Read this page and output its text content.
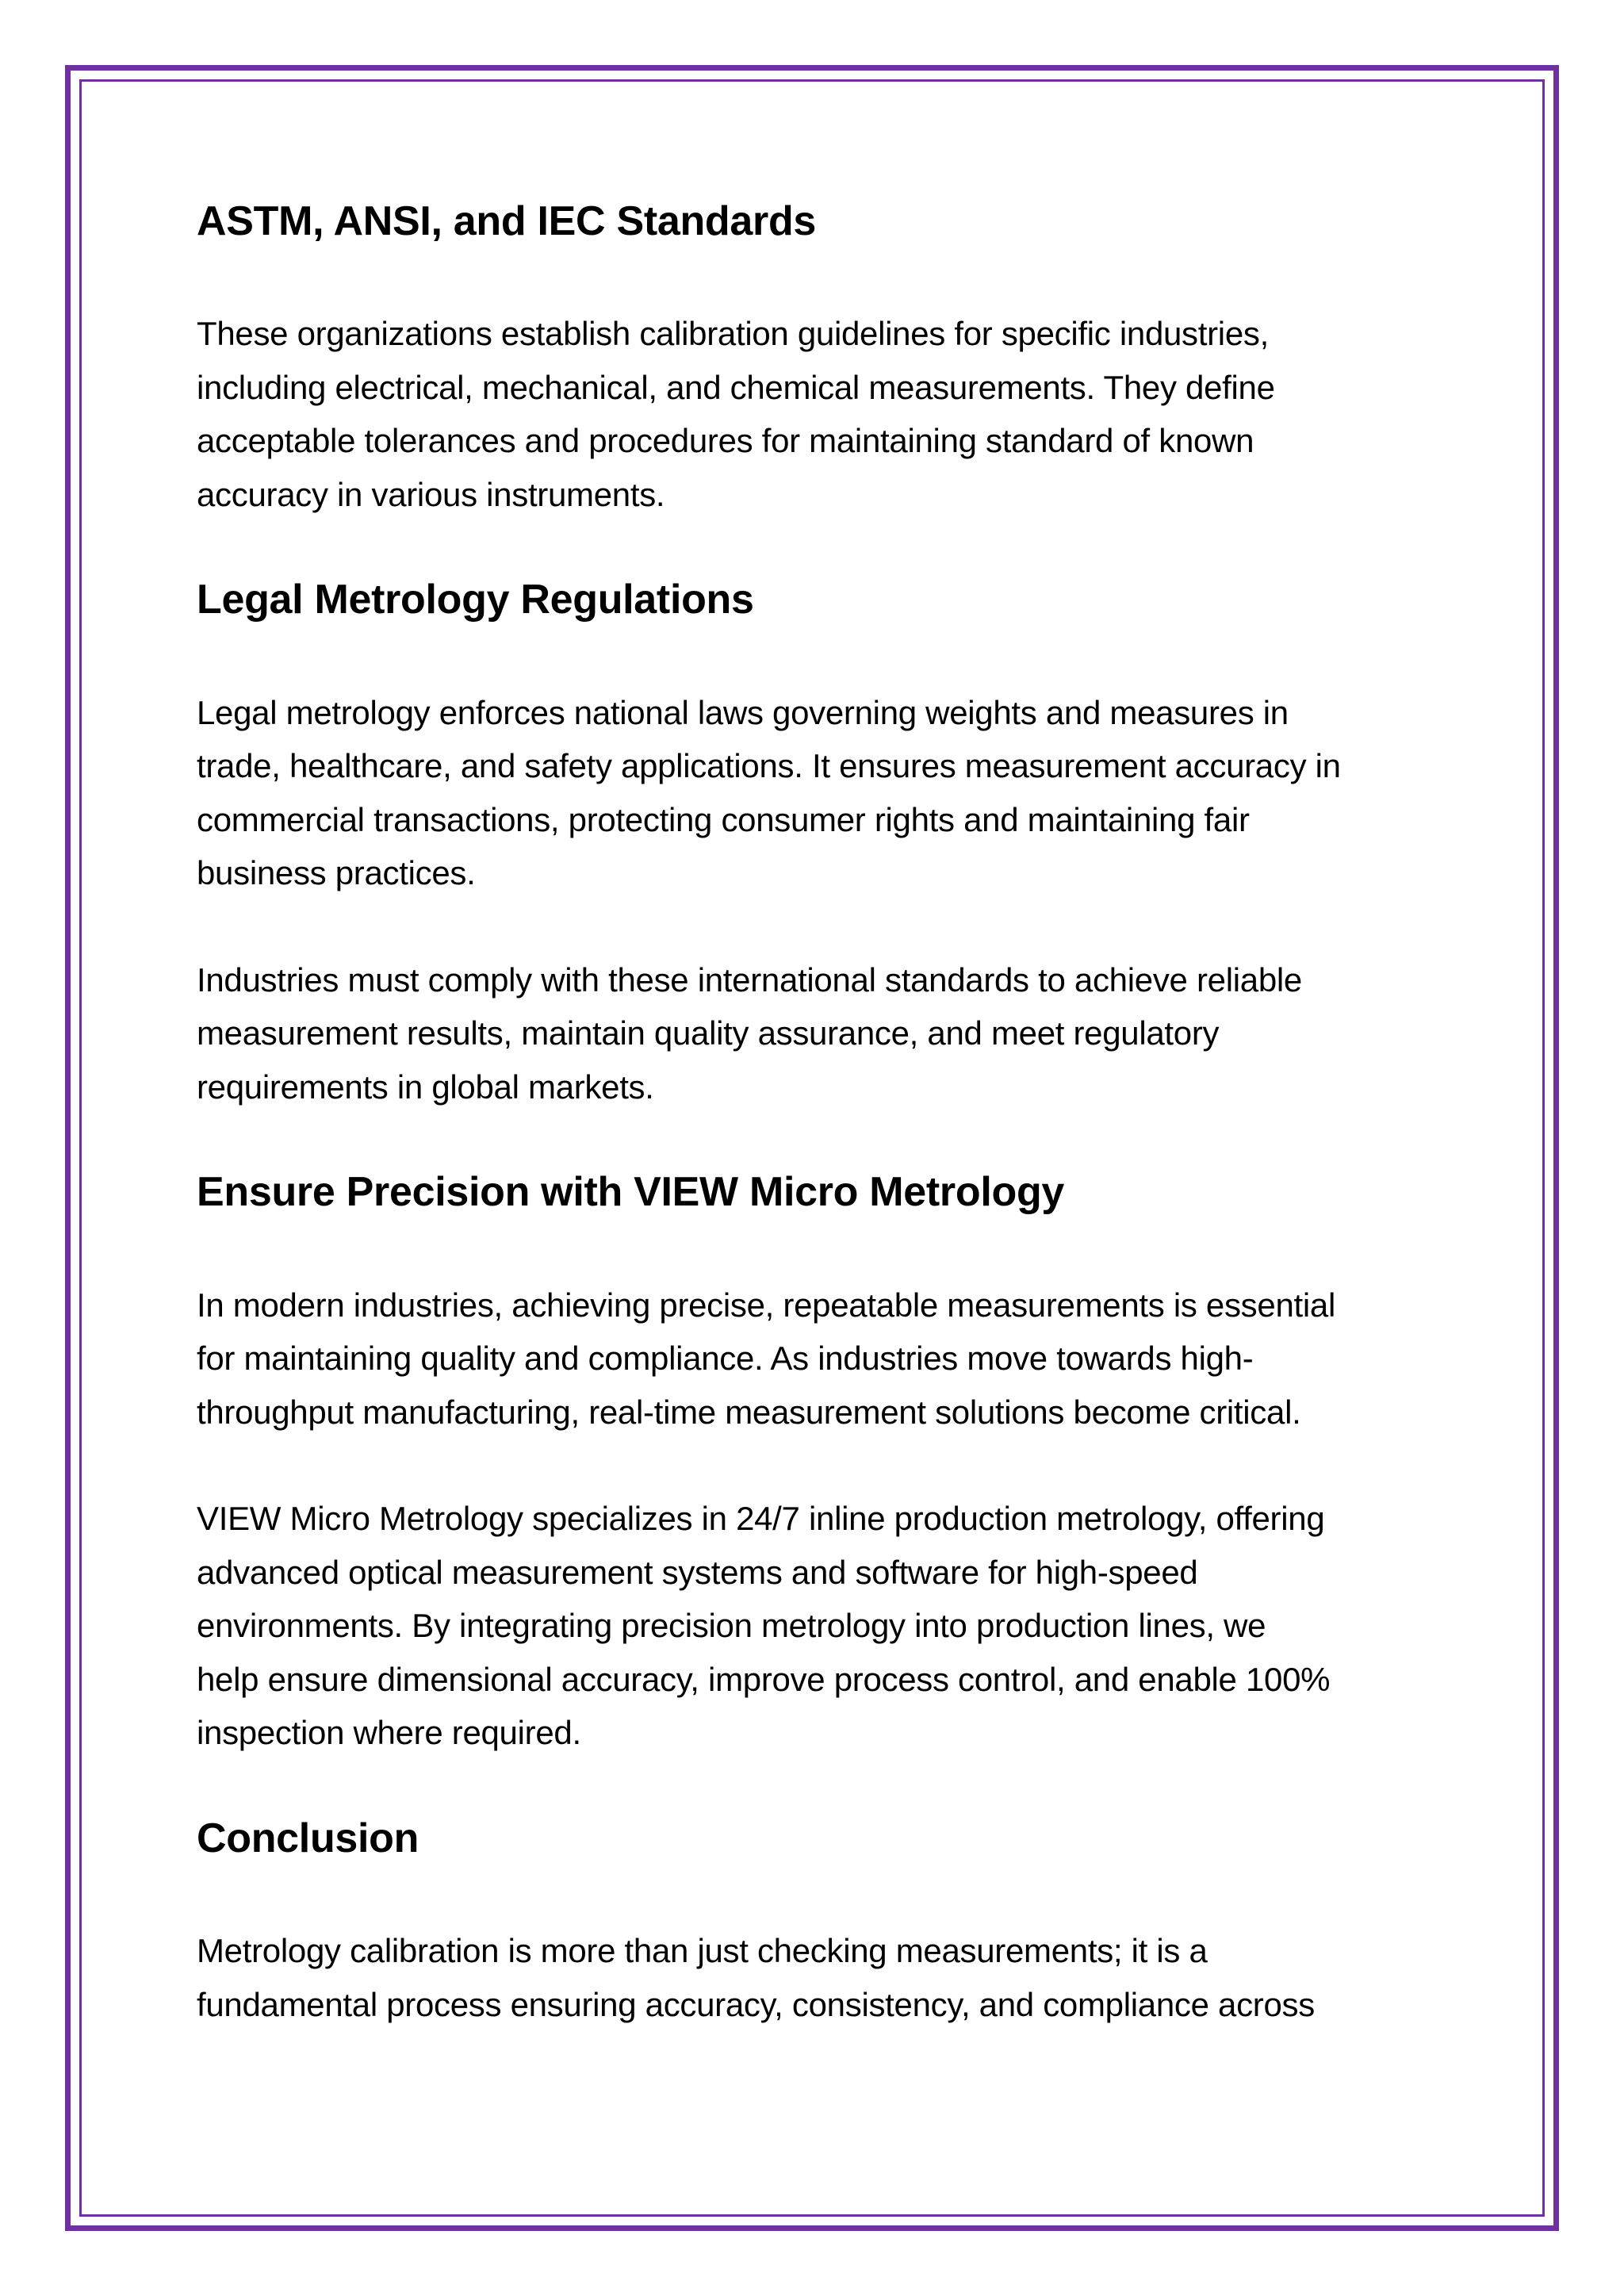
ASTM, ANSI, and IEC Standards

These organizations establish calibration guidelines for specific industries,
including electrical, mechanical, and chemical measurements. They define
acceptable tolerances and procedures for maintaining standard of known
accuracy in various instruments.

Legal Metrology Regulations

Legal metrology enforces national laws governing weights and measures in
trade, healthcare, and safety applications. It ensures measurement accuracy in
commercial transactions, protecting consumer rights and maintaining fair
business practices.

Industries must comply with these international standards to achieve reliable
measurement results, maintain quality assurance, and meet regulatory
requirements in global markets.

Ensure Precision with VIEW Micro Metrology

In modern industries, achieving precise, repeatable measurements is essential
for maintaining quality and compliance. As industries move towards high-
throughput manufacturing, real-time measurement solutions become critical.

VIEW Micro Metrology specializes in 24/7 inline production metrology, offering
advanced optical measurement systems and software for high-speed
environments. By integrating precision metrology into production lines, we
help ensure dimensional accuracy, improve process control, and enable 100%
inspection where required.

Conclusion

Metrology calibration is more than just checking measurements; it is a
fundamental process ensuring accuracy, consistency, and compliance across
